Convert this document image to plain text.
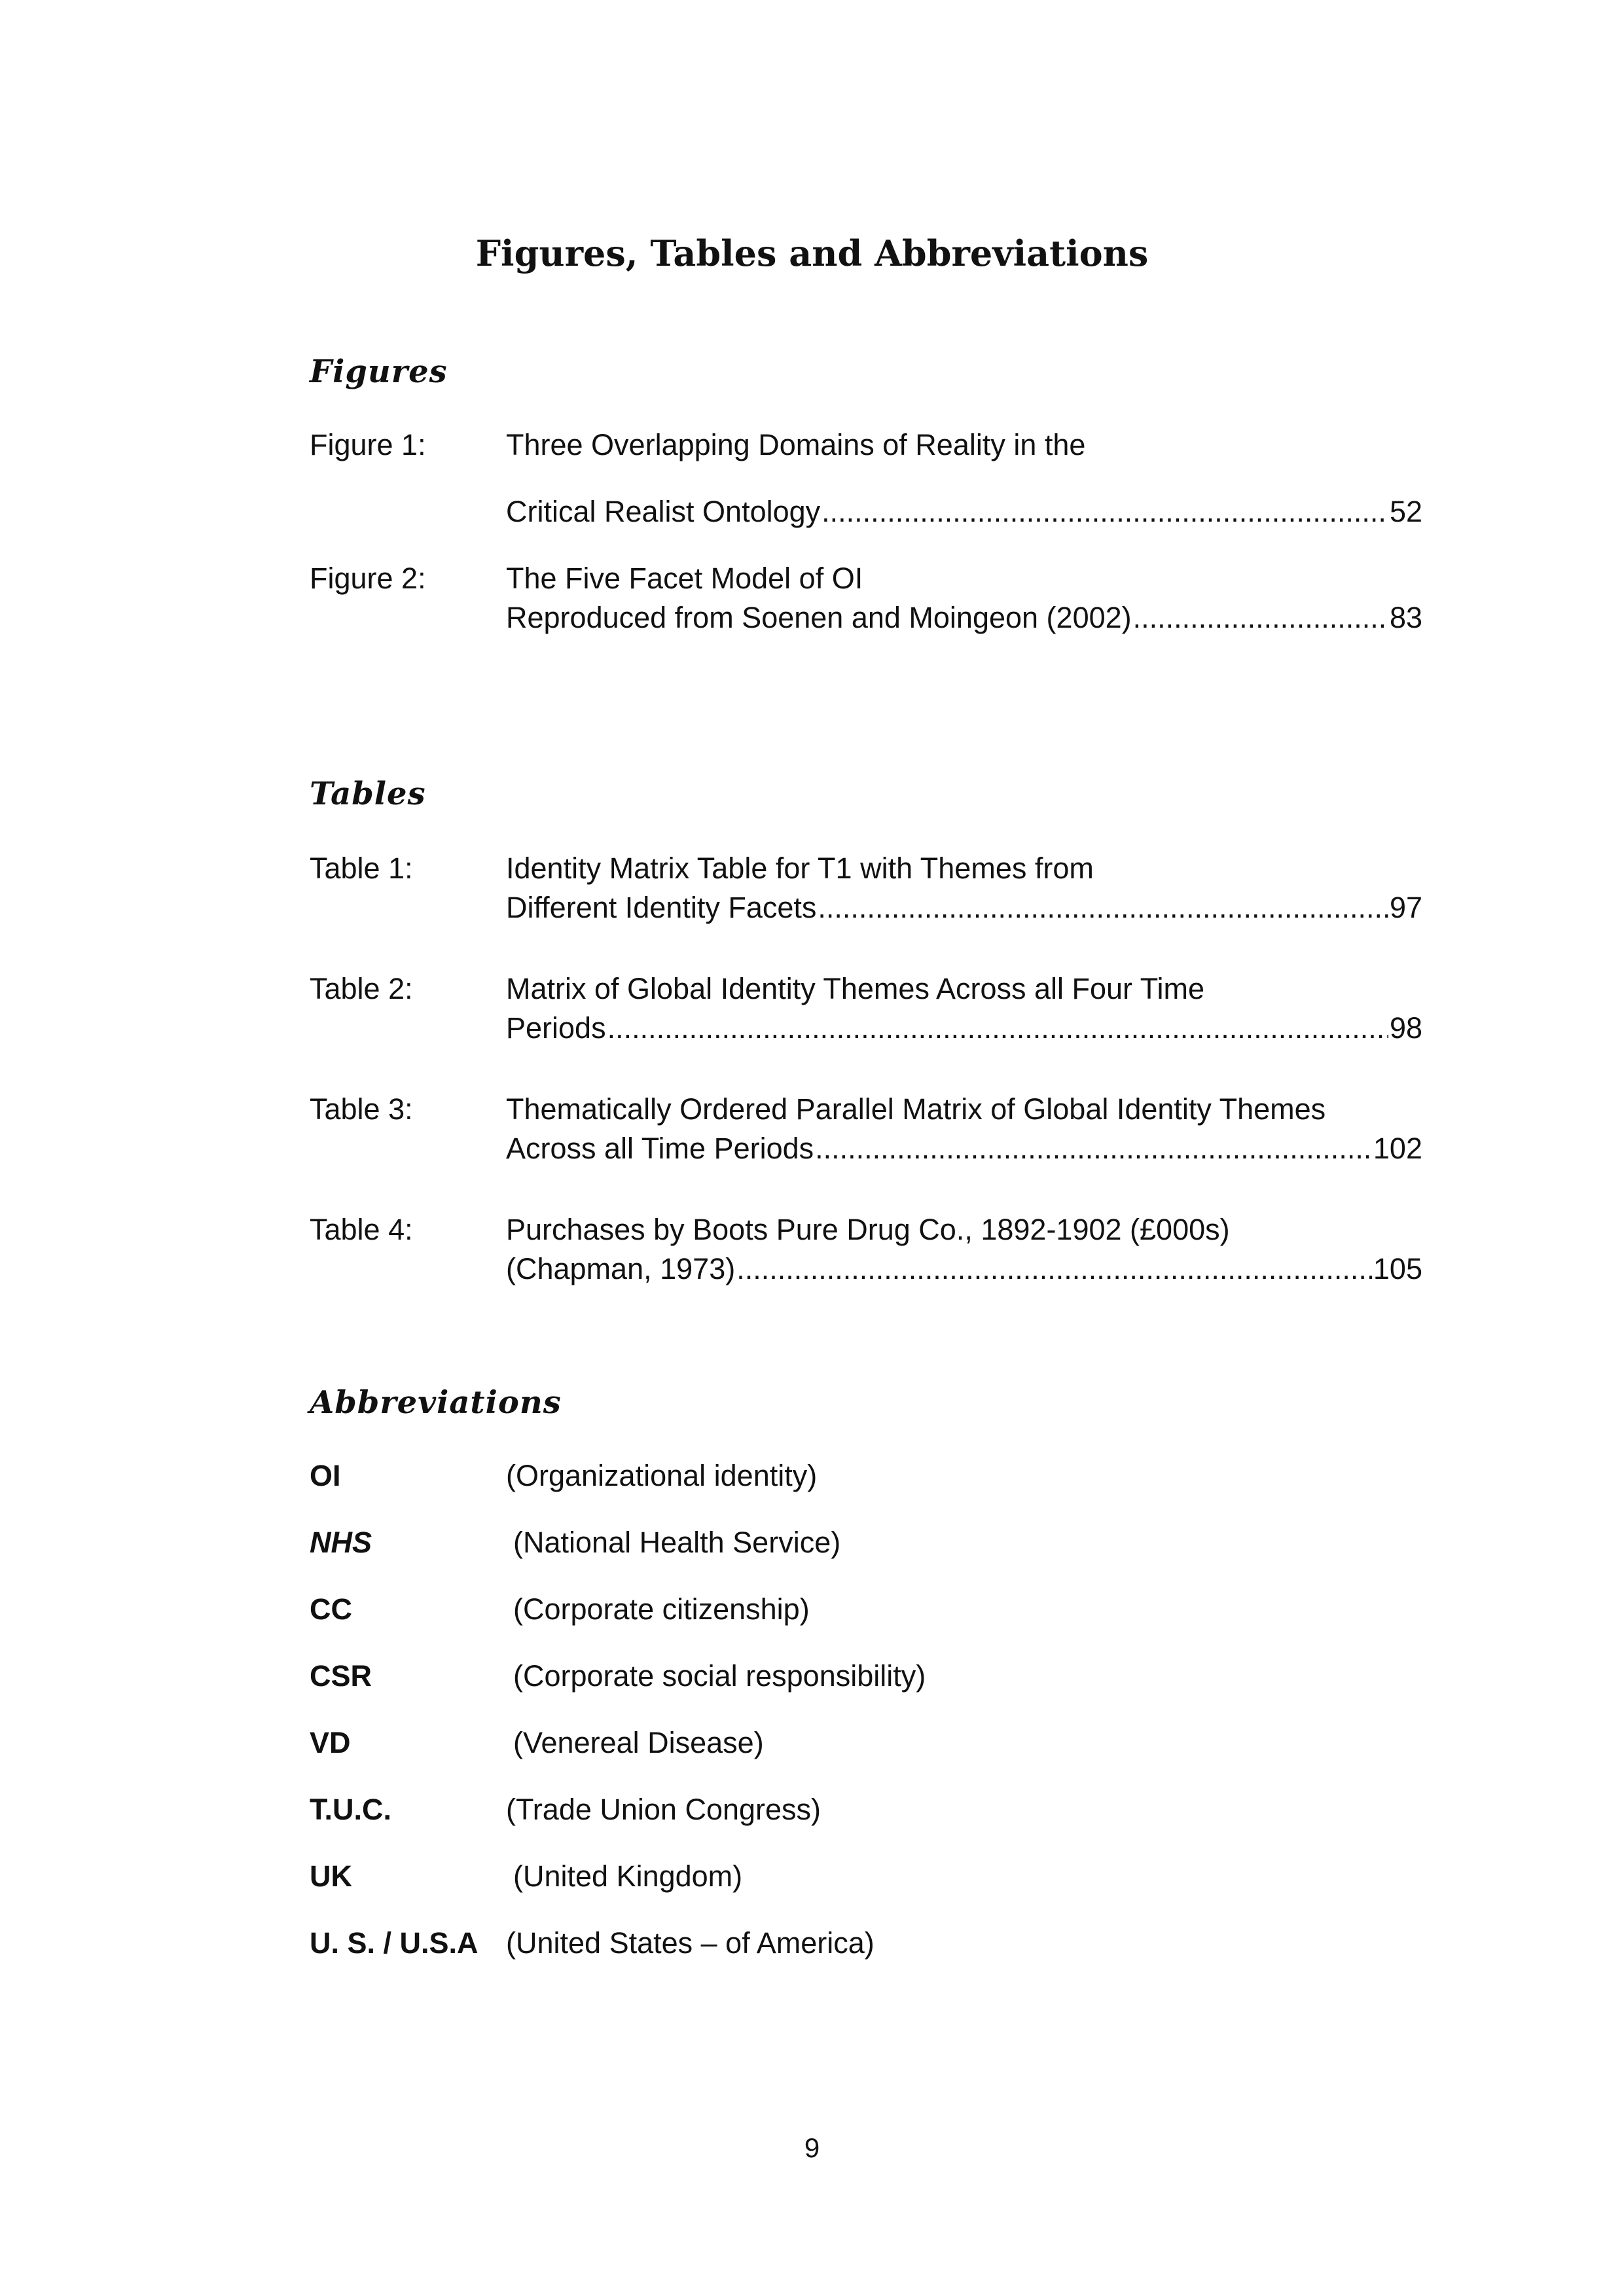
Figures, Tables and Abbreviations
Figures
Figure 1:	Three Overlapping Domains of Reality in the
Critical Realist Ontology .....	52
Figure 2:	The Five Facet Model of OI
Reproduced from Soenen and Moingeon (2002) .....	83
Tables
Table 1:	Identity Matrix Table for T1 with Themes from
Different Identity Facets .....	97
Table 2:	Matrix of Global Identity Themes Across all Four Time
Periods .....	98
Table 3:	Thematically Ordered Parallel Matrix of Global Identity Themes
Across all Time Periods .....	102
Table 4:	Purchases by Boots Pure Drug Co., 1892-1902 (£000s)
(Chapman, 1973) .....	105
Abbreviations
OI	(Organizational identity)
NHS	(National Health Service)
CC	(Corporate citizenship)
CSR	(Corporate social responsibility)
VD	(Venereal Disease)
T.U.C.	(Trade Union Congress)
UK	(United Kingdom)
U. S. / U.S.A (United States – of America)
9
